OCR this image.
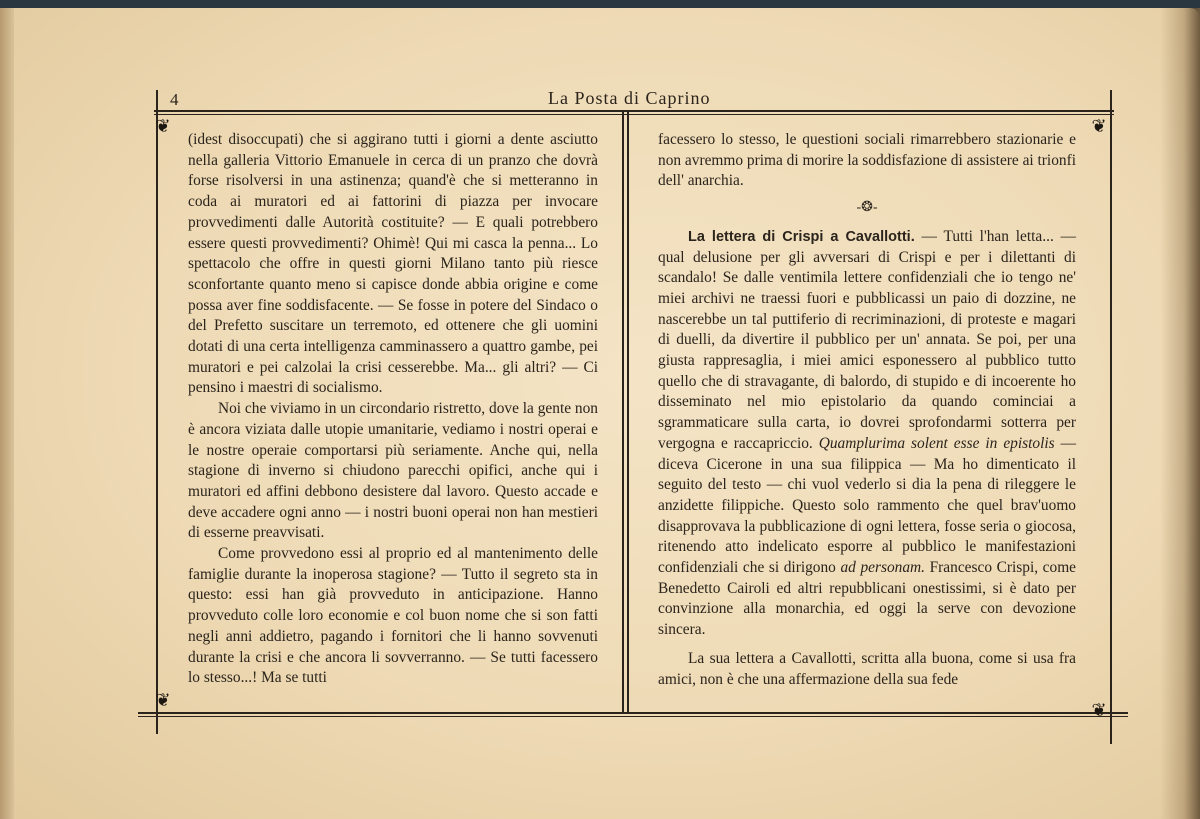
4	La Posta di Caprino
❦	❦
❦	❦

(idest disoccupati) che si aggirano tutti i giorni a dente asciutto nella galleria Vittorio Emanuele in cerca di un pranzo che dovrà forse risolversi in una astinenza; quand'è che si metteranno in coda ai muratori ed ai fattorini di piazza per invocare provvedimenti dalle Autorità costituite? — E quali potrebbero essere questi provvedimenti? Ohimè! Qui mi casca la penna... Lo spettacolo che offre in questi giorni Milano tanto più riesce sconfortante quanto meno si capisce donde abbia origine e come possa aver fine soddisfacente. — Se fosse in potere del Sindaco o del Prefetto suscitare un terremoto, ed ottenere che gli uomini dotati di una certa intelligenza camminassero a quattro gambe, pei muratori e pei calzolai la crisi cesserebbe. Ma... gli altri? — Ci pensino i maestri di socialismo.

Noi che viviamo in un circondario ristretto, dove la gente non è ancora viziata dalle utopie umanitarie, vediamo i nostri operai e le nostre operaie comportarsi più seriamente. Anche qui, nella stagione di inverno si chiudono parecchi opifici, anche qui i muratori ed affini debbono desistere dal lavoro. Questo accade e deve accadere ogni anno — i nostri buoni operai non han mestieri di esserne preavvisati.

Come provvedono essi al proprio ed al mantenimento delle famiglie durante la inoperosa stagione? — Tutto il segreto sta in questo: essi han già provveduto in anticipazione. Hanno provveduto colle loro economie e col buon nome che si son fatti negli anni addietro, pagando i fornitori che li hanno sovvenuti durante la crisi e che ancora li sovverranno. — Se tutti facessero lo stesso...! Ma se tutti

facessero lo stesso, le questioni sociali rimarrebbero stazionarie e non avremmo prima di morire la soddisfazione di assistere ai trionfi dell' anarchia.

-❂-

La lettera di Crispi a Cavallotti. — Tutti l'han letta... — qual delusione per gli avversari di Crispi e per i dilettanti di scandalo! Se dalle ventimila lettere confidenziali che io tengo ne' miei archivi ne traessi fuori e pubblicassi un paio di dozzine, ne nascerebbe un tal puttiferio di recriminazioni, di proteste e magari di duelli, da divertire il pubblico per un' annata. Se poi, per una giusta rappresaglia, i miei amici esponessero al pubblico tutto quello che di stravagante, di balordo, di stupido e di incoerente ho disseminato nel mio epistolario da quando cominciai a sgrammaticare sulla carta, io dovrei sprofondarmi sotterra per vergogna e raccapriccio. Quamplurima solent esse in epistolis — diceva Cicerone in una sua filippica — Ma ho dimenticato il seguito del testo — chi vuol vederlo si dia la pena di rileggere le anzidette filippiche. Questo solo rammento che quel brav'uomo disapprovava la pubblicazione di ogni lettera, fosse seria o giocosa, ritenendo atto indelicato esporre al pubblico le manifestazioni confidenziali che si dirigono ad personam. Francesco Crispi, come Benedetto Cairoli ed altri repubblicani onestissimi, si è dato per convinzione alla monarchia, ed oggi la serve con devozione sincera.

La sua lettera a Cavallotti, scritta alla buona, come si usa fra amici, non è che una affermazione della sua fede
